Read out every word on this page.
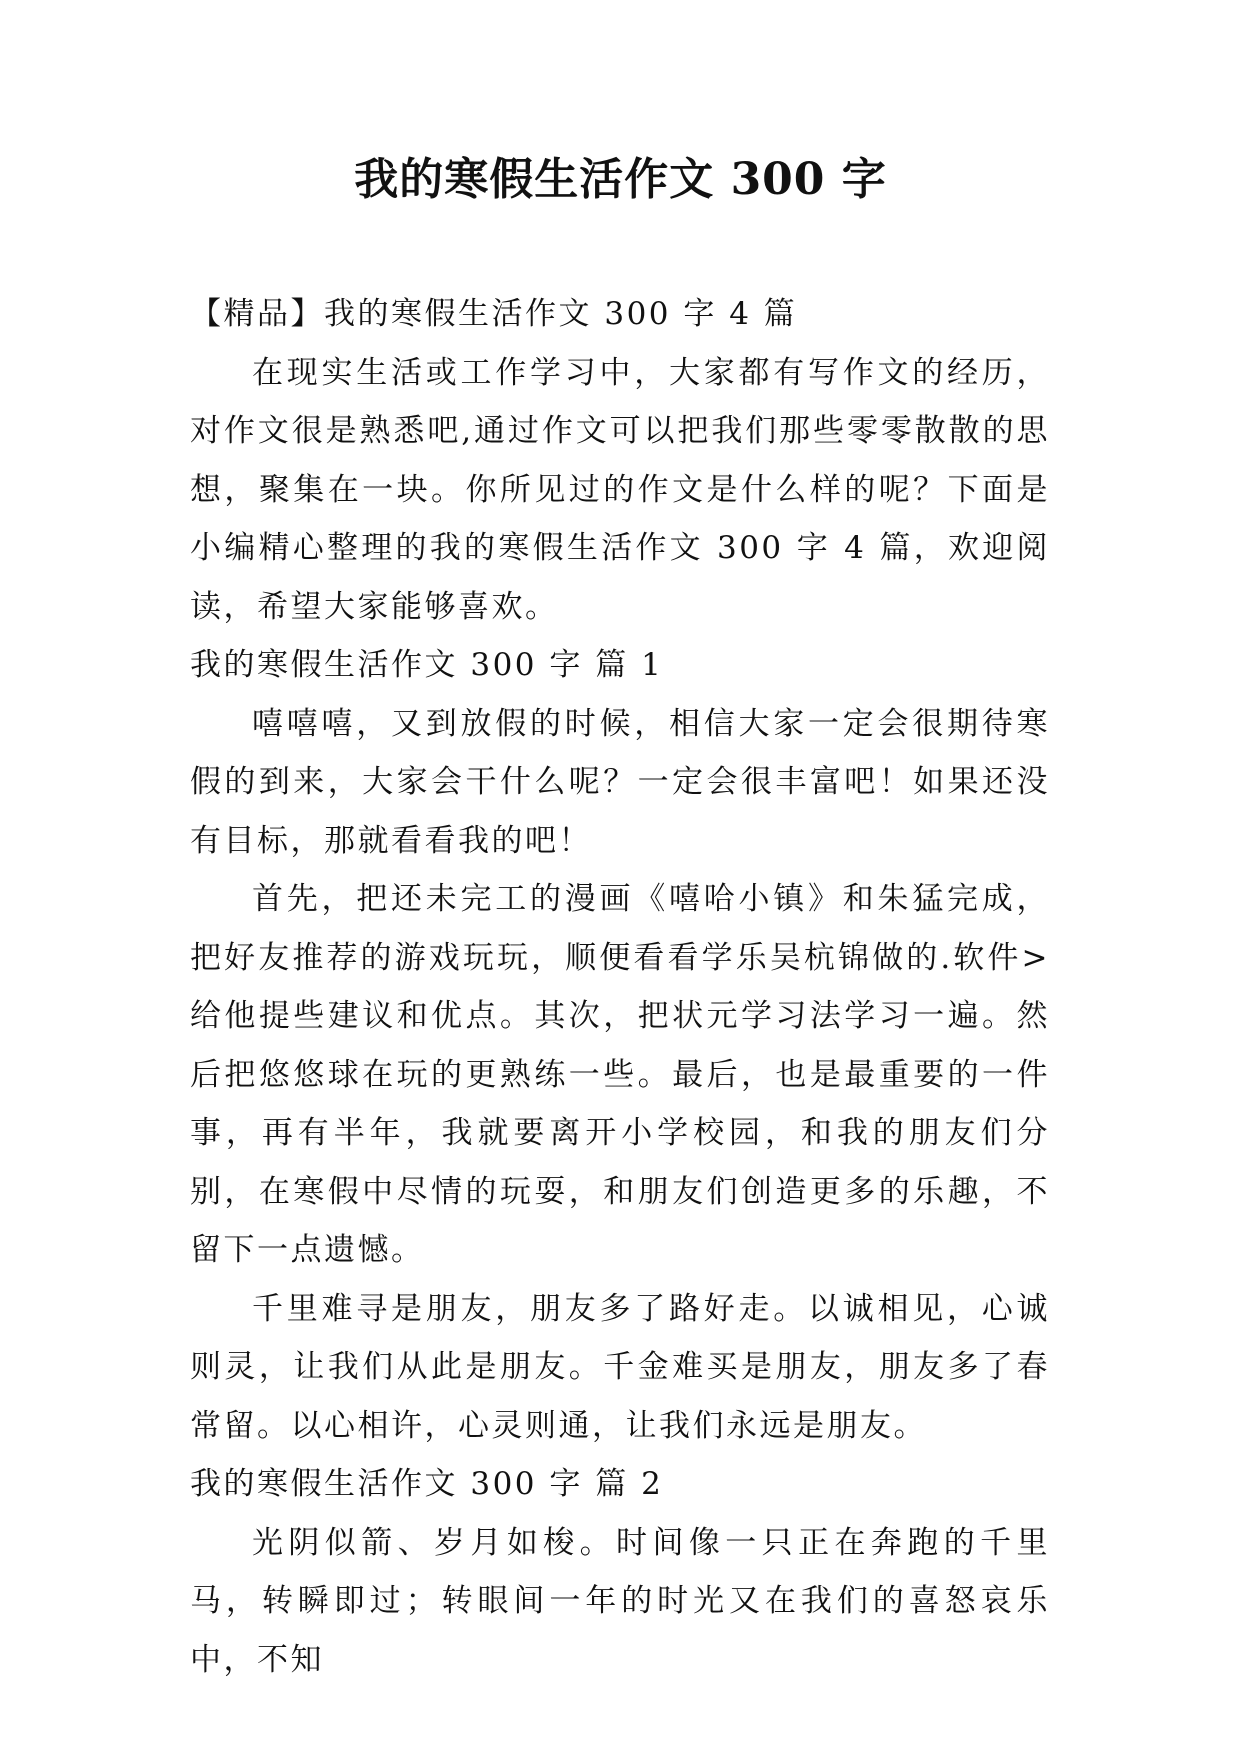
我的寒假生活作文 300 字

【精品】我的寒假生活作文 300 字 4 篇

在现实生活或工作学习中，大家都有写作文的经历，对作文很是熟悉吧,通过作文可以把我们那些零零散散的思想，聚集在一块。你所见过的作文是什么样的呢？下面是小编精心整理的我的寒假生活作文 300 字 4 篇，欢迎阅读，希望大家能够喜欢。

我的寒假生活作文 300 字 篇 1

嘻嘻嘻，又到放假的时候，相信大家一定会很期待寒假的到来，大家会干什么呢？一定会很丰富吧！如果还没有目标，那就看看我的吧！

首先，把还未完工的漫画《嘻哈小镇》和朱猛完成，把好友推荐的游戏玩玩，顺便看看学乐吴杭锦做的.软件> 给他提些建议和优点。其次，把状元学习法学习一遍。然后把悠悠球在玩的更熟练一些。最后，也是最重要的一件事，再有半年，我就要离开小学校园，和我的朋友们分别，在寒假中尽情的玩耍，和朋友们创造更多的乐趣，不留下一点遗憾。

千里难寻是朋友，朋友多了路好走。以诚相见，心诚则灵，让我们从此是朋友。千金难买是朋友，朋友多了春常留。以心相许，心灵则通，让我们永远是朋友。

我的寒假生活作文 300 字 篇 2

光阴似箭、岁月如梭。时间像一只正在奔跑的千里马，转瞬即过；转眼间一年的时光又在我们的喜怒哀乐中，不知
